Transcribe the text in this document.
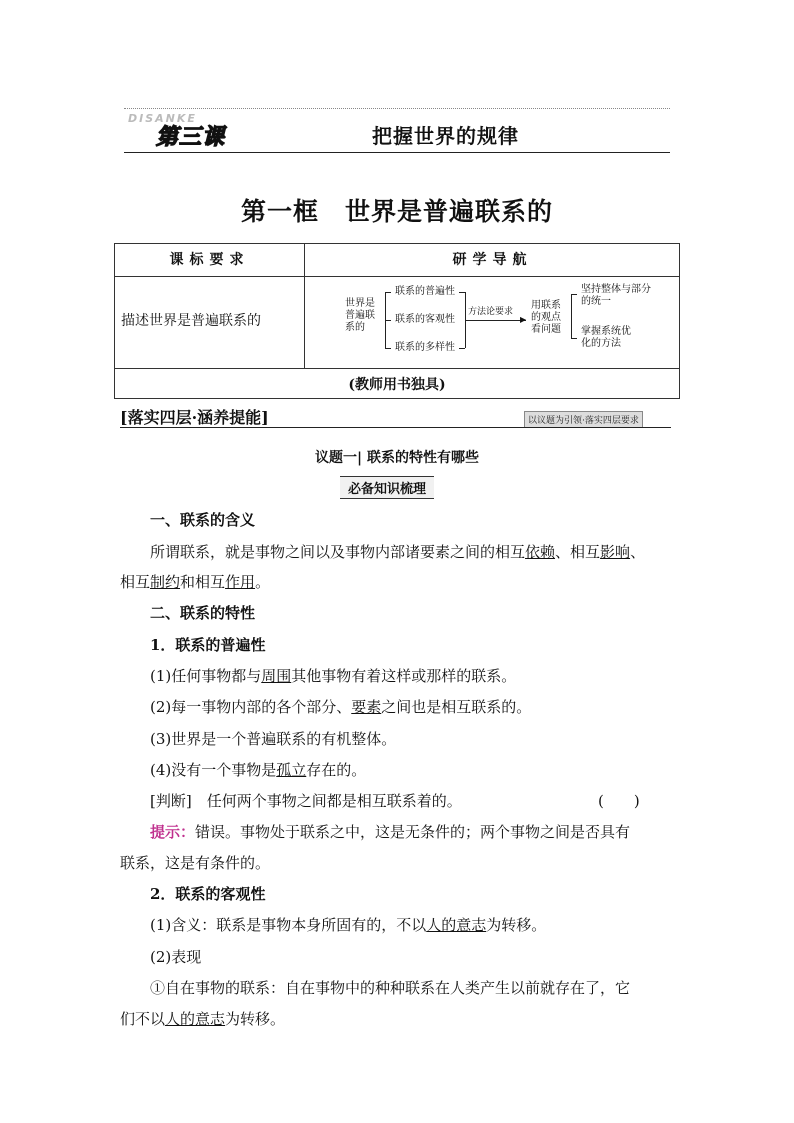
DISANKE
第三课	把握世界的规律
第一框　世界是普遍联系的
课标要求	研学导航
描述世界是普遍联系的
世界是普遍联系的
联系的普遍性
联系的客观性
联系的多样性
方法论要求
▶
用联系的观点看问题
坚持整体与部分的统一
掌握系统优化的方法
(教师用书独具)
[落实四层·涵养提能]	以议题为引领·落实四层要求
议题一| 联系的特性有哪些
必备知识梳理

一、联系的含义

所谓联系，就是事物之间以及事物内部诸要素之间的相互依赖、相互影响、

相互制约和相互作用。

二、联系的特性

1．联系的普遍性

(1)任何事物都与周围其他事物有着这样或那样的联系。

(2)每一事物内部的各个部分、要素之间也是相互联系的。

(3)世界是一个普遍联系的有机整体。

(4)没有一个事物是孤立存在的。

[判断]　任何两个事物之间都是相互联系着的。	(　　)

提示：错误。事物处于联系之中，这是无条件的；两个事物之间是否具有

联系，这是有条件的。

2．联系的客观性

(1)含义：联系是事物本身所固有的，不以人的意志为转移。

(2)表现

①自在事物的联系：自在事物中的种种联系在人类产生以前就存在了，它

们不以人的意志为转移。
